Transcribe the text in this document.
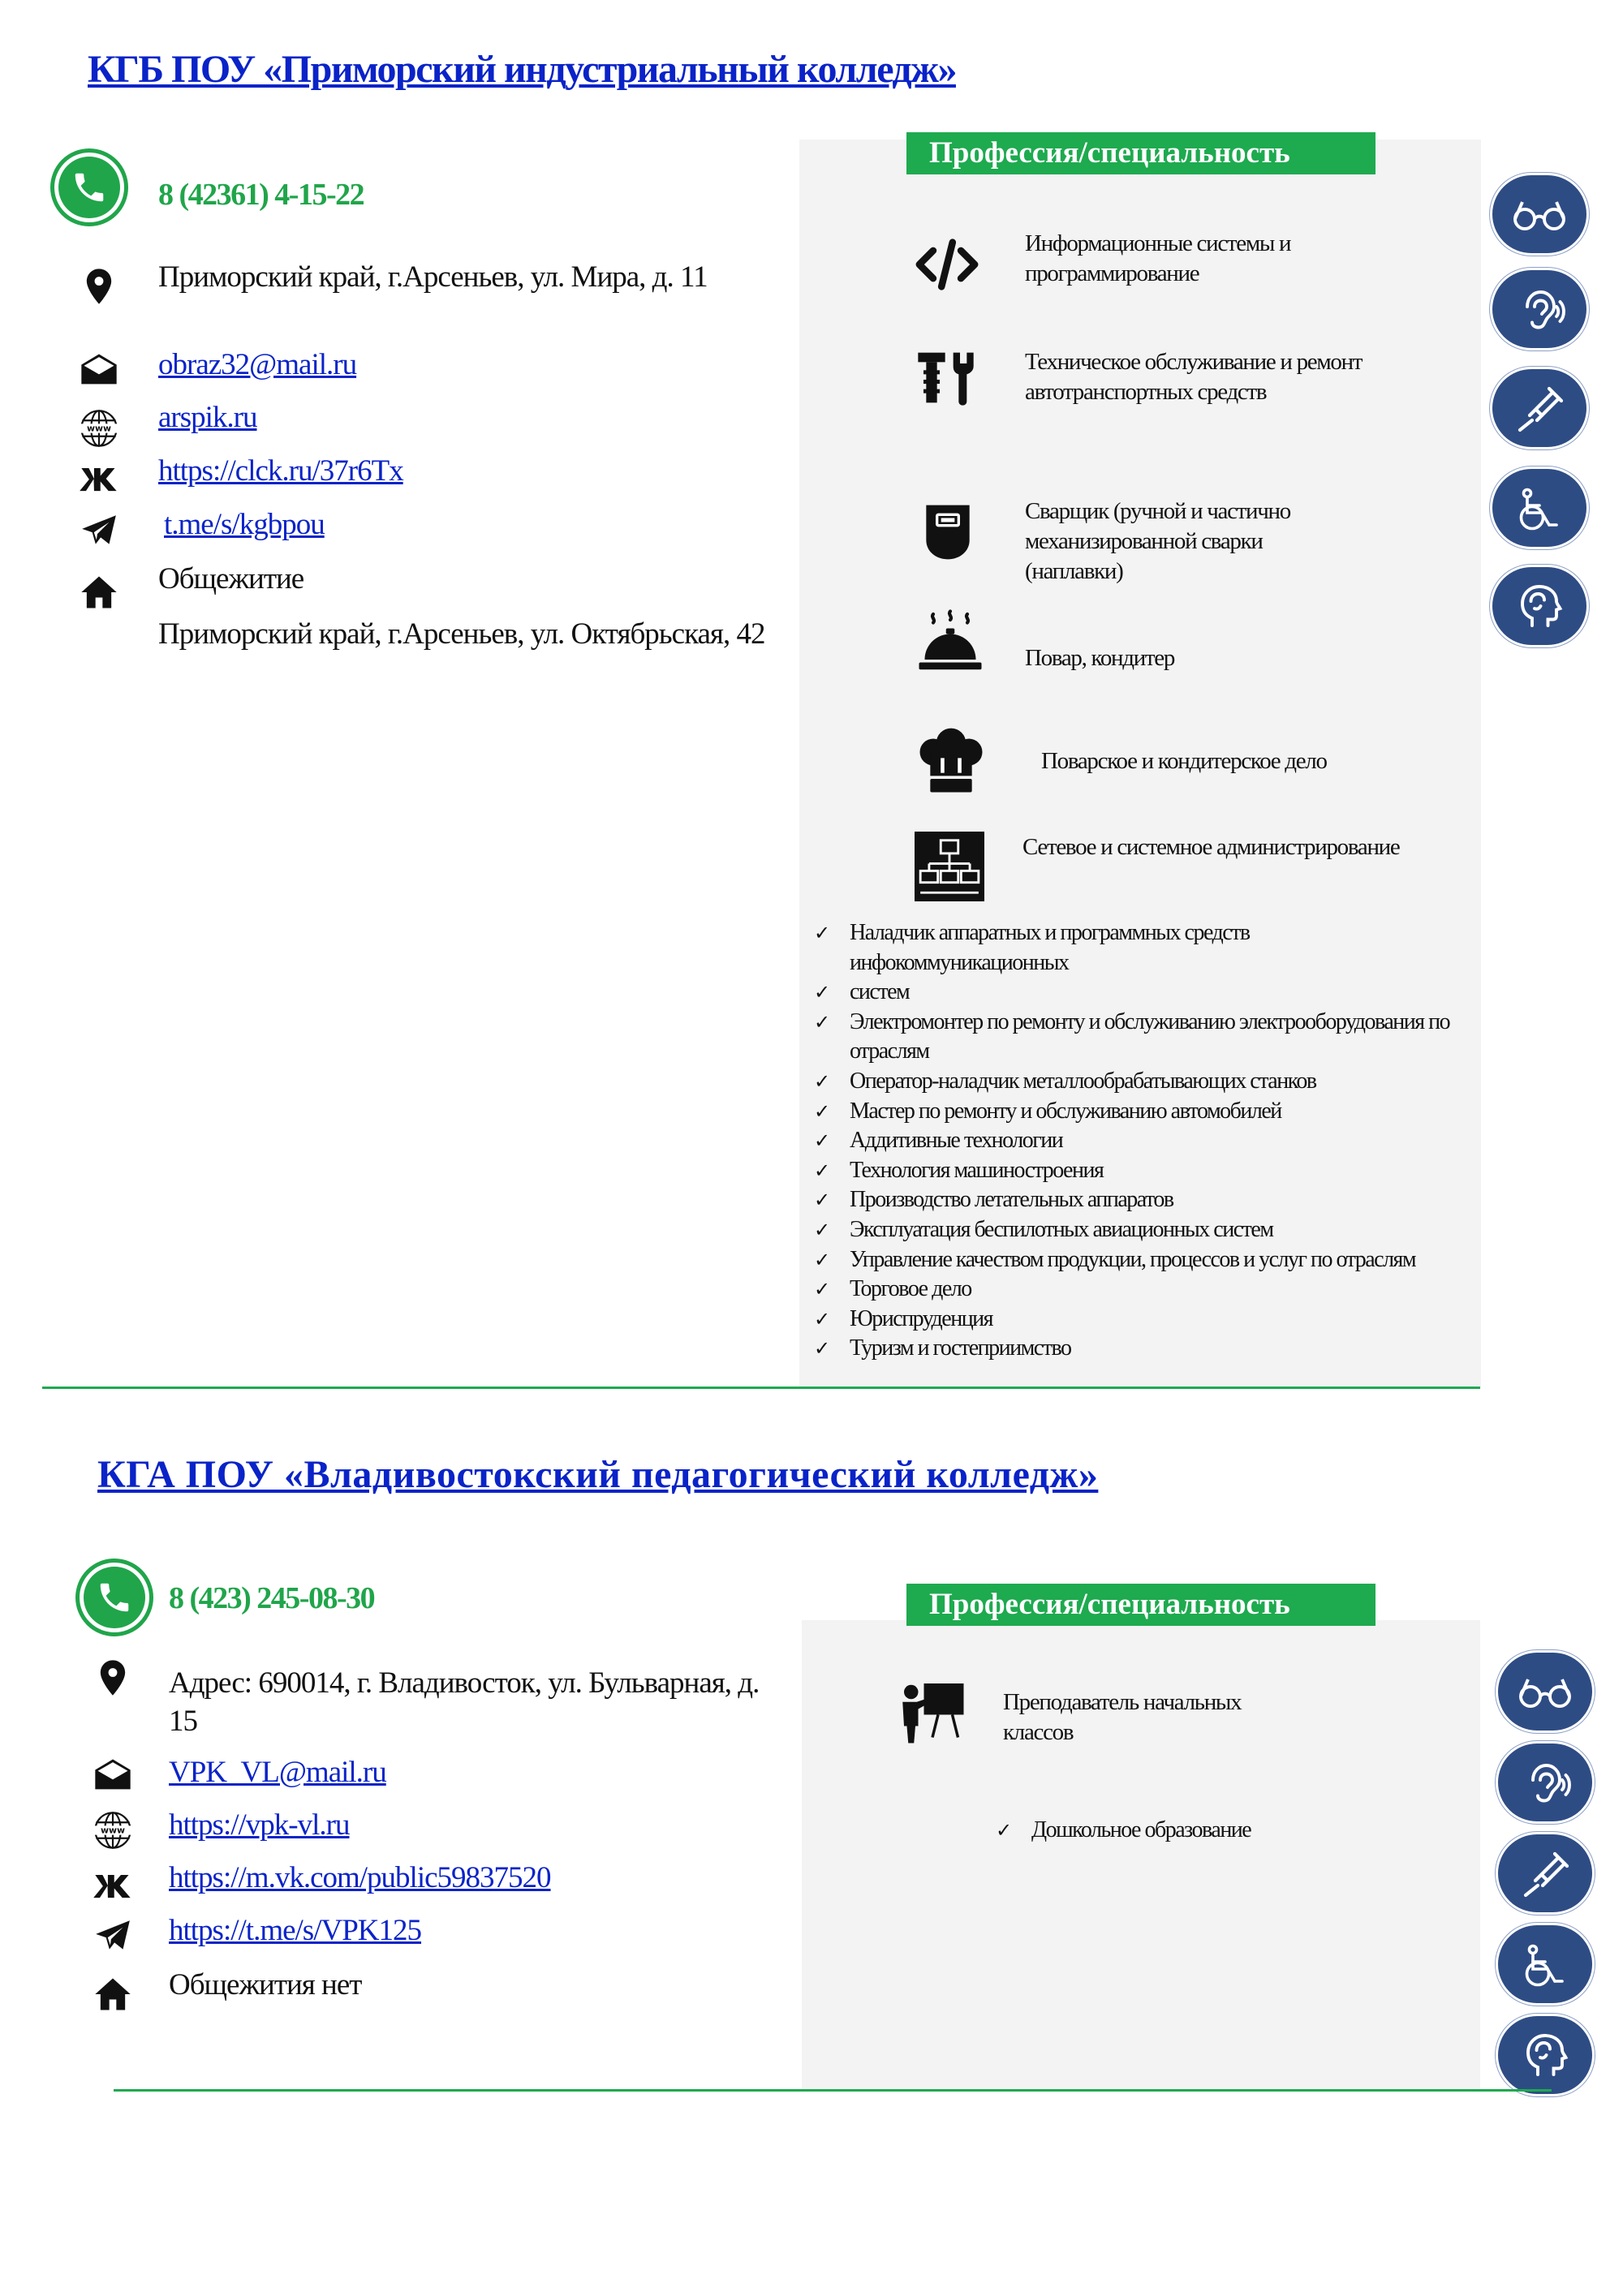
КГБ ПОУ «Приморский индустриальный колледж»
8 (42361) 4-15-22
Приморский край, г.Арсеньев, ул. Мира, д. 11
obraz32@mail.ru
arspik.ru
https://clck.ru/37r6Tx
t.me/s/kgbpou
Общежитие
Приморский край, г.Арсеньев, ул. Октябрьская, 42
Профессия/специальность
Информационные системы и программирование
Техническое обслуживание и ремонт автотранспортных средств
Сварщик (ручной и частично механизированной сварки (наплавки)
Повар, кондитер
Поварское и кондитерское дело
Сетевое и системное администрирование
✓ Наладчик аппаратных и программных средств инфокоммуникационных
✓ систем
✓ Электромонтер по ремонту и обслуживанию электрооборудования по отраслям
✓ Оператор-наладчик металлообрабатывающих станков
✓ Мастер по ремонту и обслуживанию автомобилей
✓ Аддитивные технологии
✓ Технология машиностроения
✓ Производство летательных аппаратов
✓ Эксплуатация беспилотных авиационных систем
✓ Управление качеством продукции, процессов и услуг по отраслям
✓ Торговое дело
✓ Юриспруденция
✓ Туризм и гостеприимство
КГА ПОУ «Владивостокский педагогический колледж»
8 (423) 245-08-30
Адрес: 690014, г. Владивосток, ул. Бульварная, д.
15
VPK_VL@mail.ru
https://vpk-vl.ru
https://m.vk.com/public59837520
https://t.me/s/VPK125
Общежития нет
Профессия/специальность
Преподаватель начальных классов
✓ Дошкольное образование
